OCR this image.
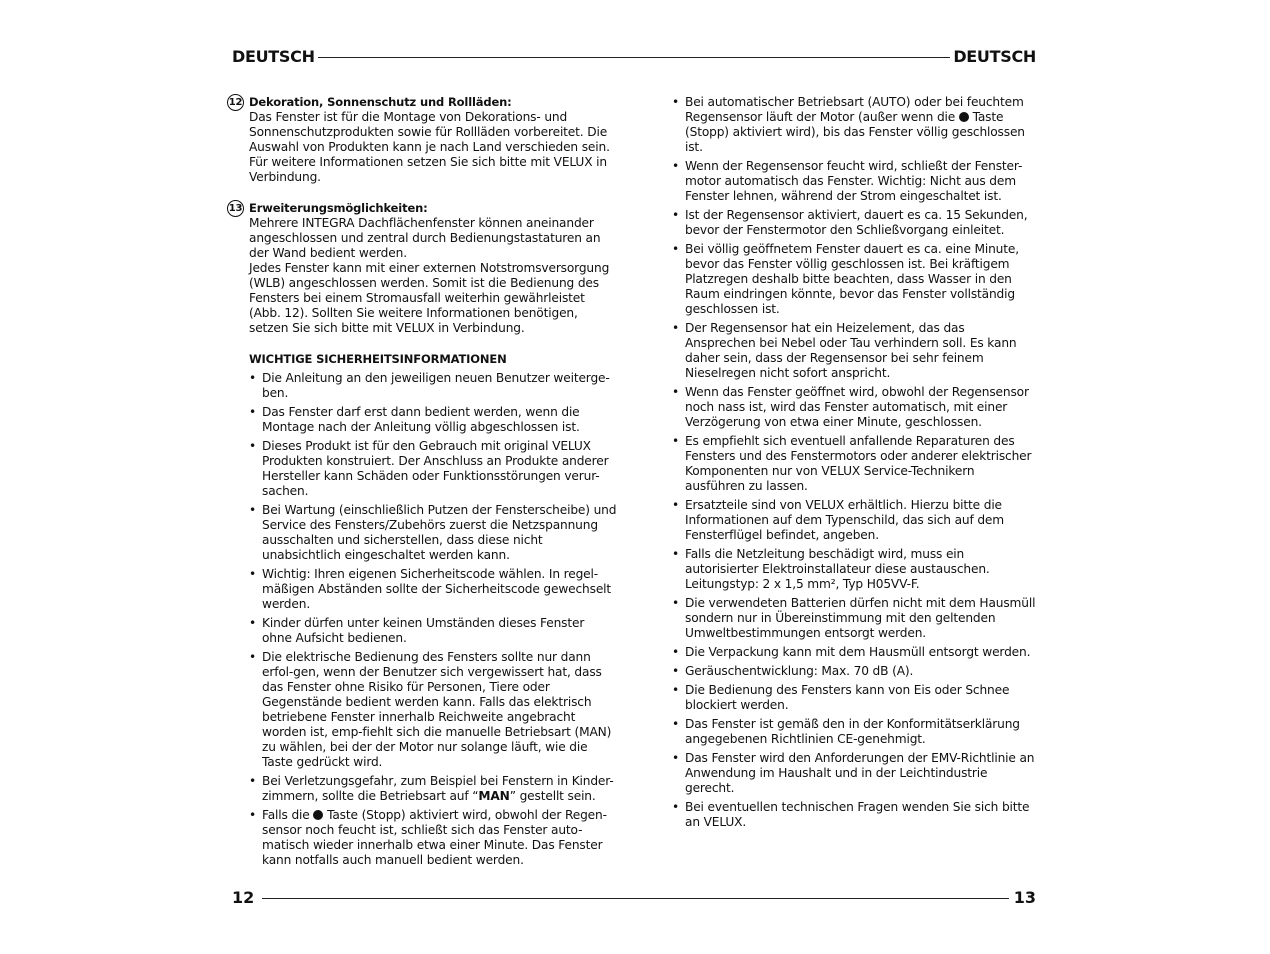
DEUTSCH	DEUTSCH
12 Dekoration, Sonnenschutz und Rollläden:
Das Fenster ist für die Montage von Dekorations- und Sonnenschutzprodukten sowie für Rollläden vorbereitet. Die Auswahl von Produkten kann je nach Land verschieden sein. Für weitere Informationen setzen Sie sich bitte mit VELUX in Verbindung.
13 Erweiterungsmöglichkeiten:
Mehrere INTEGRA Dachflächenfenster können aneinander angeschlossen und zentral durch Bedienungstastaturen an der Wand bedient werden.
Jedes Fenster kann mit einer externen Notstromsversorgung (WLB) angeschlossen werden. Somit ist die Bedienung des Fensters bei einem Stromausfall weiterhin gewährleistet (Abb. 12). Sollten Sie weitere Informationen benötigen, setzen Sie sich bitte mit VELUX in Verbindung.
WICHTIGE SICHERHEITSINFORMATIONEN
• Die Anleitung an den jeweiligen neuen Benutzer weiterge-ben.
• Das Fenster darf erst dann bedient werden, wenn die Montage nach der Anleitung völlig abgeschlossen ist.
• Dieses Produkt ist für den Gebrauch mit original VELUX Produkten konstruiert. Der Anschluss an Produkte anderer Hersteller kann Schäden oder Funktionsstörungen verur-sachen.
• Bei Wartung (einschließlich Putzen der Fensterscheibe) und Service des Fensters/Zubehörs zuerst die Netzspannung ausschalten und sicherstellen, dass diese nicht unabsichtlich eingeschaltet werden kann.
• Wichtig: Ihren eigenen Sicherheitscode wählen. In regel-mäßigen Abständen sollte der Sicherheitscode gewechselt werden.
• Kinder dürfen unter keinen Umständen dieses Fenster ohne Aufsicht bedienen.
• Die elektrische Bedienung des Fensters sollte nur dann erfol-gen, wenn der Benutzer sich vergewissert hat, dass das Fenster ohne Risiko für Personen, Tiere oder Gegenstände bedient werden kann. Falls das elektrisch betriebene Fenster innerhalb Reichweite angebracht worden ist, emp-fiehlt sich die manuelle Betriebsart (MAN) zu wählen, bei der der Motor nur solange läuft, wie die Taste gedrückt wird.
• Bei Verletzungsgefahr, zum Beispiel bei Fenstern in Kinder-zimmern, sollte die Betriebsart auf “MAN” gestellt sein.
• Falls die  Taste (Stopp) aktiviert wird, obwohl der Regen-sensor noch feucht ist, schließt sich das Fenster auto-matisch wieder innerhalb etwa einer Minute. Das Fenster kann notfalls auch manuell bedient werden.
• Bei automatischer Betriebsart (AUTO) oder bei feuchtem Regensensor läuft der Motor (außer wenn die  Taste (Stopp) aktiviert wird), bis das Fenster völlig geschlossen ist.
• Wenn der Regensensor feucht wird, schließt der Fenster-motor automatisch das Fenster. Wichtig: Nicht aus dem Fenster lehnen, während der Strom eingeschaltet ist.
• Ist der Regensensor aktiviert, dauert es ca. 15 Sekunden, bevor der Fenstermotor den Schließvorgang einleitet.
• Bei völlig geöffnetem Fenster dauert es ca. eine Minute, bevor das Fenster völlig geschlossen ist. Bei kräftigem Platzregen deshalb bitte beachten, dass Wasser in den Raum eindringen könnte, bevor das Fenster vollständig geschlossen ist.
• Der Regensensor hat ein Heizelement, das das Ansprechen bei Nebel oder Tau verhindern soll. Es kann daher sein, dass der Regensensor bei sehr feinem Nieselregen nicht sofort anspricht.
• Wenn das Fenster geöffnet wird, obwohl der Regensensor noch nass ist, wird das Fenster automatisch, mit einer Verzögerung von etwa einer Minute, geschlossen.
• Es empfiehlt sich eventuell anfallende Reparaturen des Fensters und des Fenstermotors oder anderer elektrischer Komponenten nur von VELUX Service-Technikern ausführen zu lassen.
• Ersatzteile sind von VELUX erhältlich. Hierzu bitte die Informationen auf dem Typenschild, das sich auf dem Fensterflügel befindet, angeben.
• Falls die Netzleitung beschädigt wird, muss ein autorisierter Elektroinstallateur diese austauschen. Leitungstyp: 2 x 1,5 mm², Typ H05VV-F.
• Die verwendeten Batterien dürfen nicht mit dem Hausmüll sondern nur in Übereinstimmung mit den geltenden Umweltbestimmungen entsorgt werden.
• Die Verpackung kann mit dem Hausmüll entsorgt werden.
• Geräuschentwicklung: Max. 70 dB (A).
• Die Bedienung des Fensters kann von Eis oder Schnee blockiert werden.
• Das Fenster ist gemäß den in der Konformitätserklärung angegebenen Richtlinien CE-genehmigt.
• Das Fenster wird den Anforderungen der EMV-Richtlinie an Anwendung im Haushalt und in der Leichtindustrie gerecht.
• Bei eventuellen technischen Fragen wenden Sie sich bitte an VELUX.
12	13
